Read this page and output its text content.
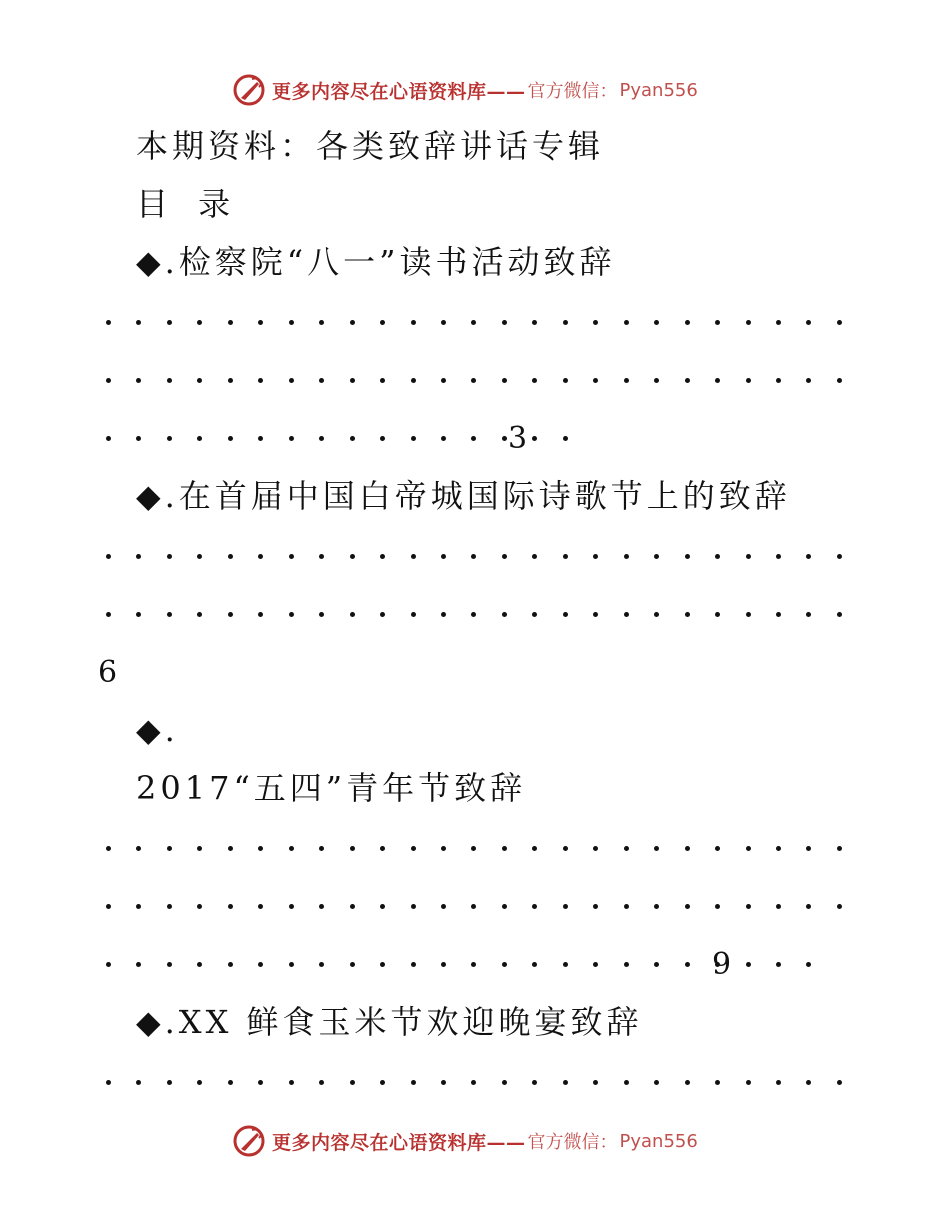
更多内容尽在心语资料库—— 官方微信： Pyan556
本期资料：各类致辞讲话专辑
目 录
◆.检察院“八一”读书活动致辞
3
◆.在首届中国白帝城国际诗歌节上的致辞
6
◆.
2017“五四”青年节致辞
9
◆.XX 鲜食玉米节欢迎晚宴致辞
更多内容尽在心语资料库—— 官方微信： Pyan556
